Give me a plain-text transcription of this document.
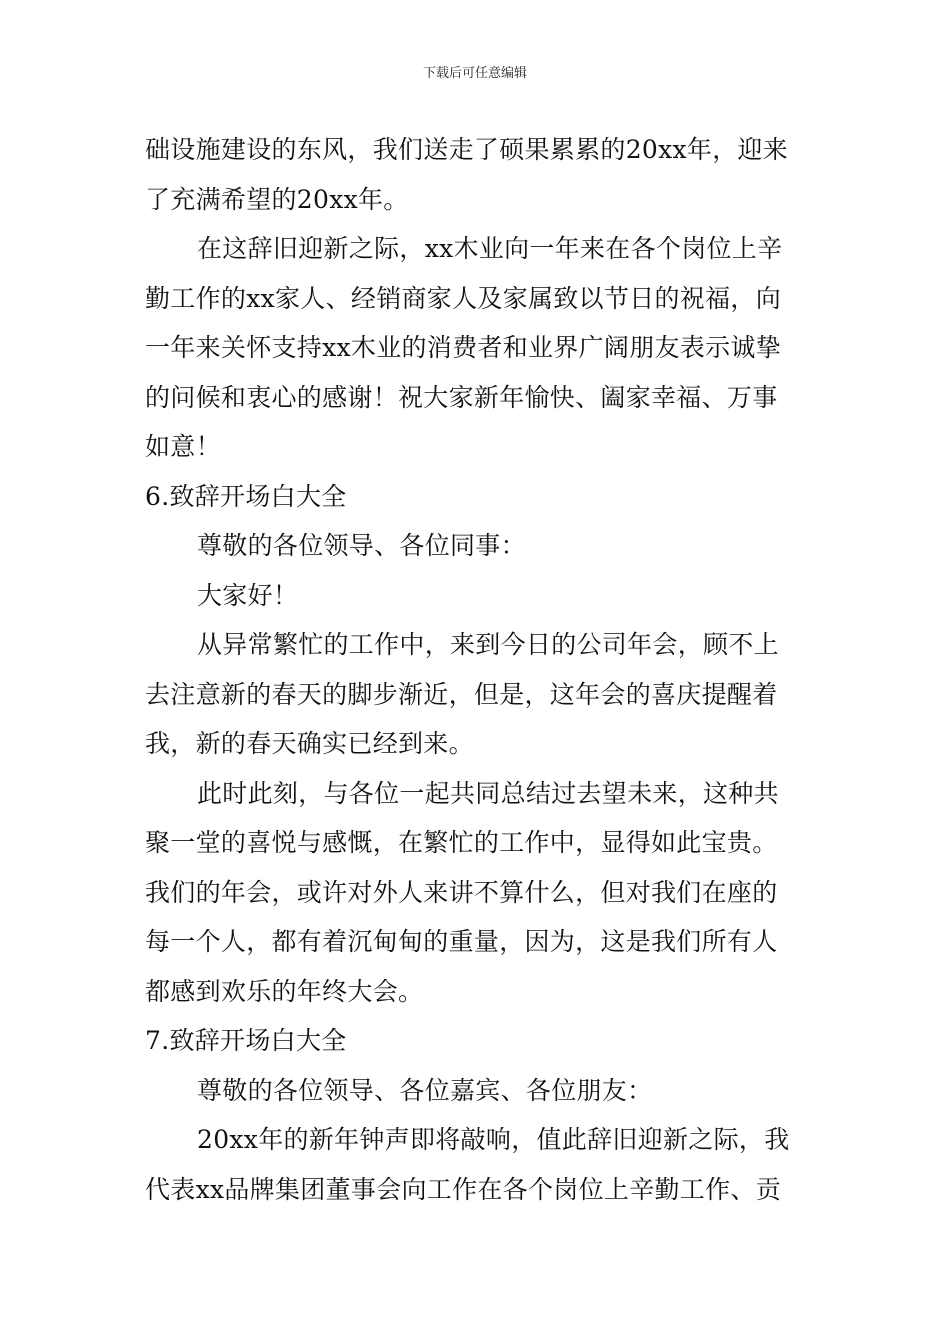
下载后可任意编辑
础设施建设的东风，我们送走了硕果累累的20xx年，迎来
了充满希望的20xx年。
在这辞旧迎新之际，xx木业向一年来在各个岗位上辛
勤工作的xx家人、经销商家人及家属致以节日的祝福，向
一年来关怀支持xx木业的消费者和业界广阔朋友表示诚挚
的问候和衷心的感谢！祝大家新年愉快、阖家幸福、万事
如意！
6.致辞开场白大全
尊敬的各位领导、各位同事：
大家好！
从异常繁忙的工作中，来到今日的公司年会，顾不上
去注意新的春天的脚步渐近，但是，这年会的喜庆提醒着
我，新的春天确实已经到来。
此时此刻，与各位一起共同总结过去望未来，这种共
聚一堂的喜悦与感慨，在繁忙的工作中，显得如此宝贵。
我们的年会，或许对外人来讲不算什么，但对我们在座的
每一个人，都有着沉甸甸的重量，因为，这是我们所有人
都感到欢乐的年终大会。
7.致辞开场白大全
尊敬的各位领导、各位嘉宾、各位朋友：
20xx年的新年钟声即将敲响，值此辞旧迎新之际，我
代表xx品牌集团董事会向工作在各个岗位上辛勤工作、贡
